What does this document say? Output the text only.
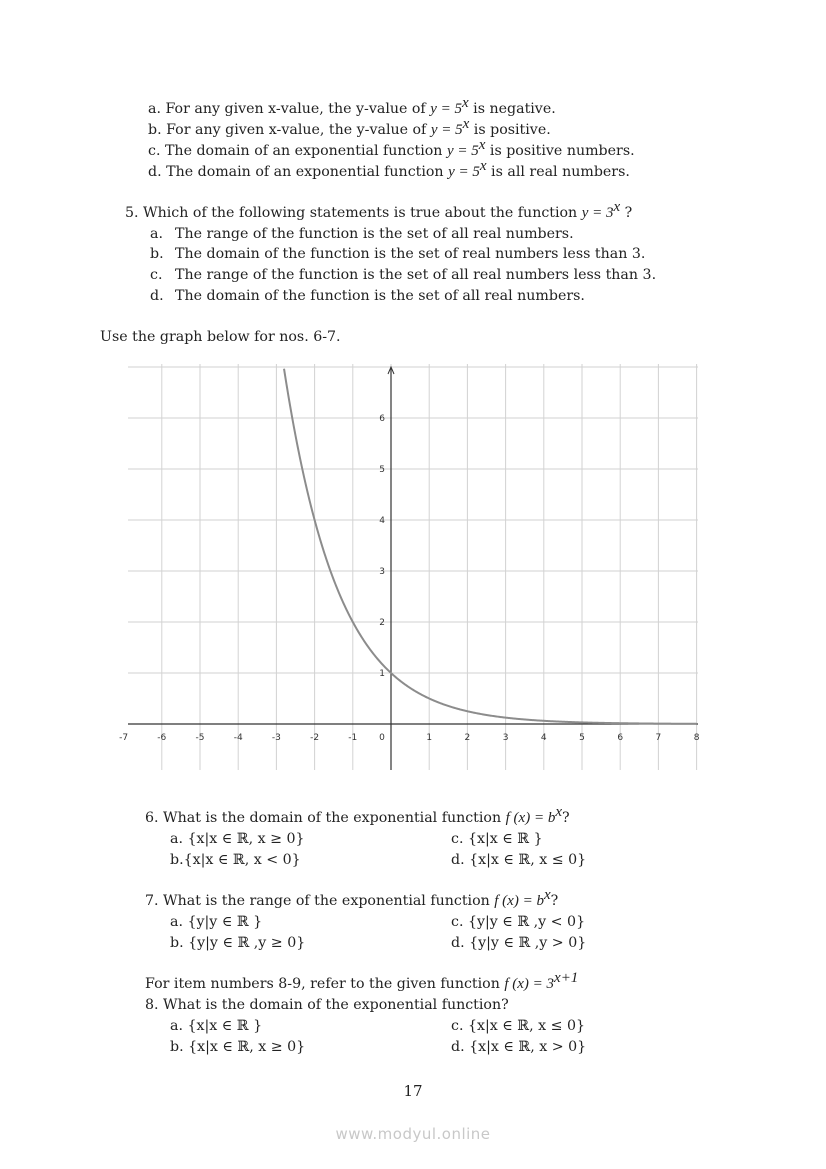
a. For any given x-value, the y-value of $y = 5^x$ is negative.
b. For any given x-value, the y-value of $y = 5^x$ is positive.
c. The domain of an exponential function $y = 5^x$ is positive numbers.
d. The domain of an exponential function $y = 5^x$ is all real numbers.
5. Which of the following statements is true about the function $y = 3^x$ ?
a. The range of the function is the set of all real numbers.
b. The domain of the function is the set of real numbers less than 3.
c. The range of the function is the set of all real numbers less than 3.
d. The domain of the function is the set of all real numbers.
Use the graph below for nos. 6-7.
-7	-6	-5	-4	-3	-2	-1 0	1	2	3	4	5	6	7	8
1
2
3
4
5
6
6. What is the domain of the exponential function f $(x) = b^x$?
a. {x|x ∈ ℝ, x ≥ 0}	c. {x|x ∈ ℝ }
b.{x|x ∈ ℝ, x < 0}	d. {x|x ∈ ℝ, x ≤ 0}
7. What is the range of the exponential function f $(x) = b^x$?
a. {y|y ∈ ℝ }	c. {y|y ∈ ℝ ,y < 0}
b. {y|y ∈ ℝ ,y ≥ 0}	d. {y|y ∈ ℝ ,y > 0}
For item numbers 8-9, refer to the given function f $(x) = 3^{x+1}$
8. What is the domain of the exponential function?
a. {x|x ∈ ℝ }	c. {x|x ∈ ℝ, x ≤ 0}
b. {x|x ∈ ℝ, x ≥ 0}	d. {x|x ∈ ℝ, x > 0}
17
www.modyul.online
